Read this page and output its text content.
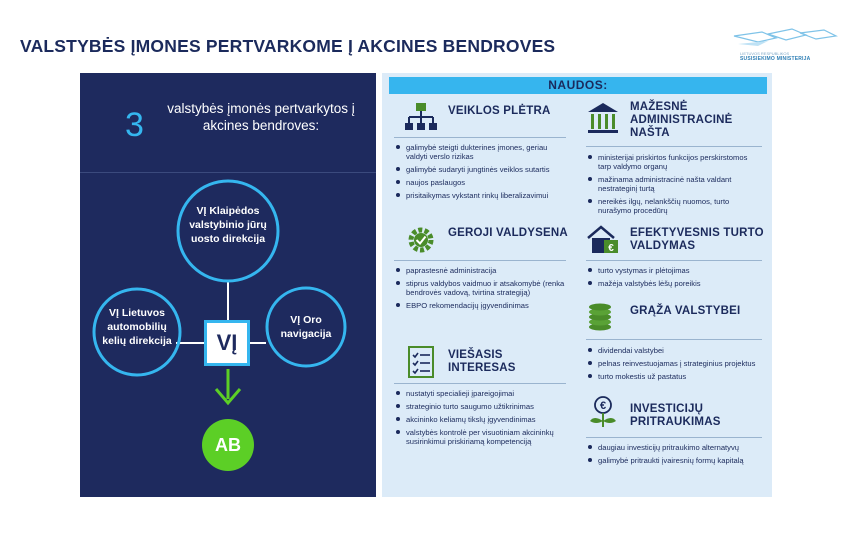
VALSTYBĖS ĮMONES PERTVARKOME Į AKCINES BENDROVES	LIETUVOS RESPUBLIKOS
SUSISIEKIMO MINISTERIJA
3 valstybės įmonės pertvarkytos į akcines bendroves:
VĮ Klaipėdos valstybinio jūrų uosto direkcija
VĮ Lietuvos automobilių kelių direkcija
VĮ Oro navigacija
VĮ
AB
NAUDOS:
VEIKLOS PLĖTRA
galimybė steigti dukterines įmones, geriau valdyti verslo rizikas
galimybė sudaryti jungtinės veiklos sutartis
naujos paslaugos
prisitaikymas vykstant rinkų liberalizavimui
GEROJI VALDYSENA
paprastesnė administracija
stiprus valdybos vaidmuo ir atsakomybė (renka bendrovės vadovą, tvirtina strategiją)
EBPO rekomendacijų įgyvendinimas
VIEŠASIS INTERESAS
nustatyti specialieji įpareigojimai
strateginio turto saugumo užtikrinimas
akcininko keliamų tikslų įgyvendinimas
valstybės kontrolė per visuotiniam akcininkų susirinkimui priskiriamą kompetenciją
MAŽESNĖ ADMINISTRACINĖ NAŠTA
ministerijai priskirtos funkcijos perskirstomos tarp valdymo organų
mažinama administracinė našta valdant nestrateginį turtą
nereikės ilgų, nelankščių nuomos, turto nurašymo procedūrų
€
EFEKTYVESNIS TURTO VALDYMAS
turto vystymas ir plėtojimas
mažėja valstybės lėšų poreikis
GRĄŽA VALSTYBEI
dividendai valstybei
pelnas reinvestuojamas į strateginius projektus
turto mokestis už pastatus
€ INVESTICIJŲ PRITRAUKIMAS
daugiau investicijų pritraukimo alternatyvų
galimybė pritraukti įvairesnių formų kapitalą
